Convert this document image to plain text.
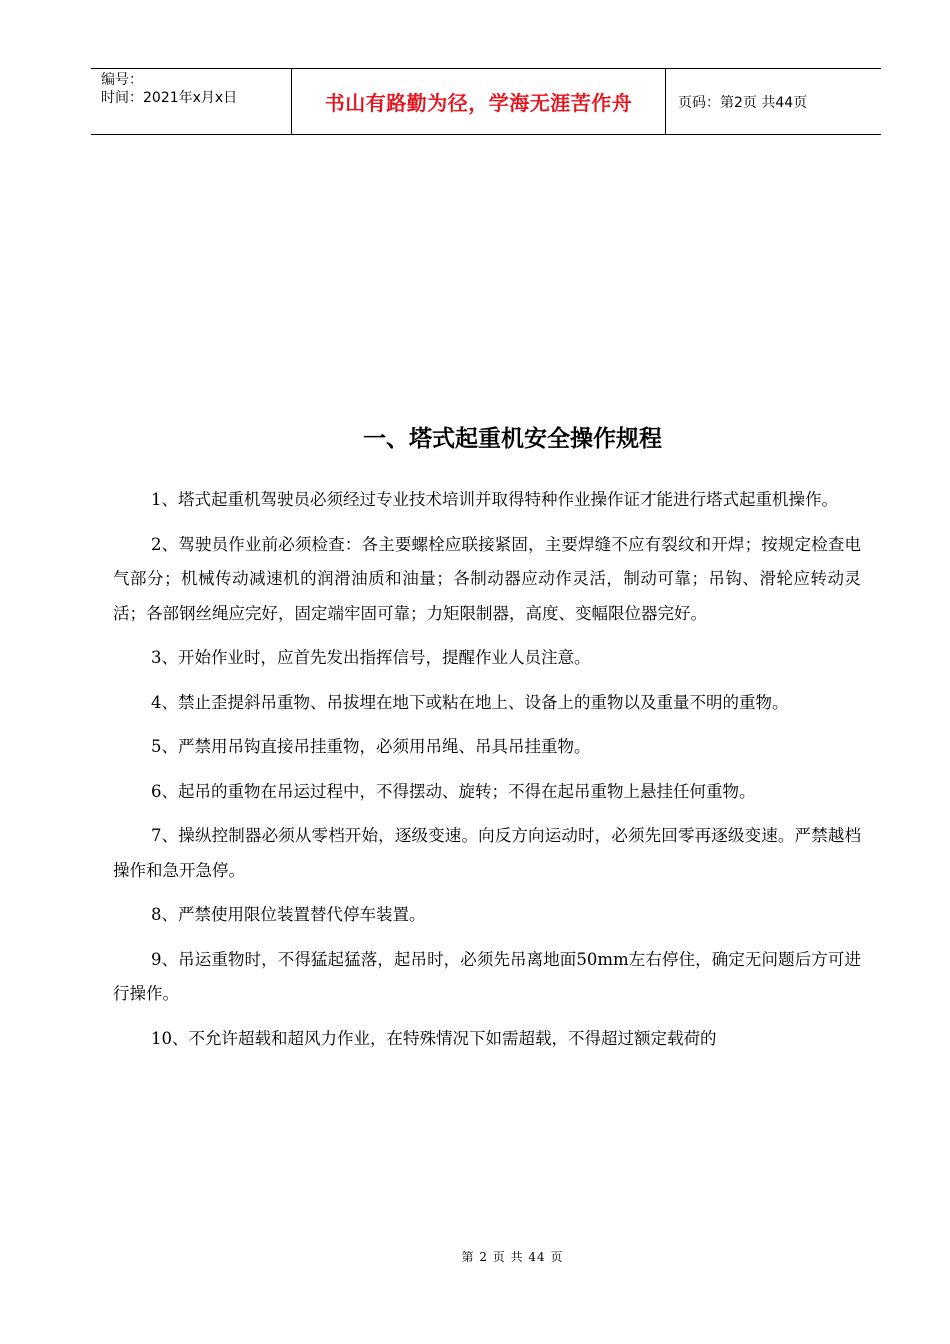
编号：
时间：2021年x月x日	书山有路勤为径，学海无涯苦作舟	页码：第2页 共44页
一、塔式起重机安全操作规程

1、塔式起重机驾驶员必须经过专业技术培训并取得特种作业操作证才能进行塔式起重机操作。

2、驾驶员作业前必须检查：各主要螺栓应联接紧固，主要焊缝不应有裂纹和开焊；按规定检查电气部分；机械传动减速机的润滑油质和油量；各制动器应动作灵活，制动可靠；吊钩、滑轮应转动灵活；各部钢丝绳应完好，固定端牢固可靠；力矩限制器，高度、变幅限位器完好。

3、开始作业时，应首先发出指挥信号，提醒作业人员注意。

4、禁止歪提斜吊重物、吊拔埋在地下或粘在地上、设备上的重物以及重量不明的重物。

5、严禁用吊钩直接吊挂重物，必须用吊绳、吊具吊挂重物。

6、起吊的重物在吊运过程中，不得摆动、旋转；不得在起吊重物上悬挂任何重物。

7、操纵控制器必须从零档开始，逐级变速。向反方向运动时，必须先回零再逐级变速。严禁越档操作和急开急停。

8、严禁使用限位装置替代停车装置。

9、吊运重物时，不得猛起猛落，起吊时，必须先吊离地面50mm左右停住，确定无问题后方可进行操作。

10、不允许超载和超风力作业，在特殊情况下如需超载，不得超过额定载荷的

第 2 页 共 44 页
